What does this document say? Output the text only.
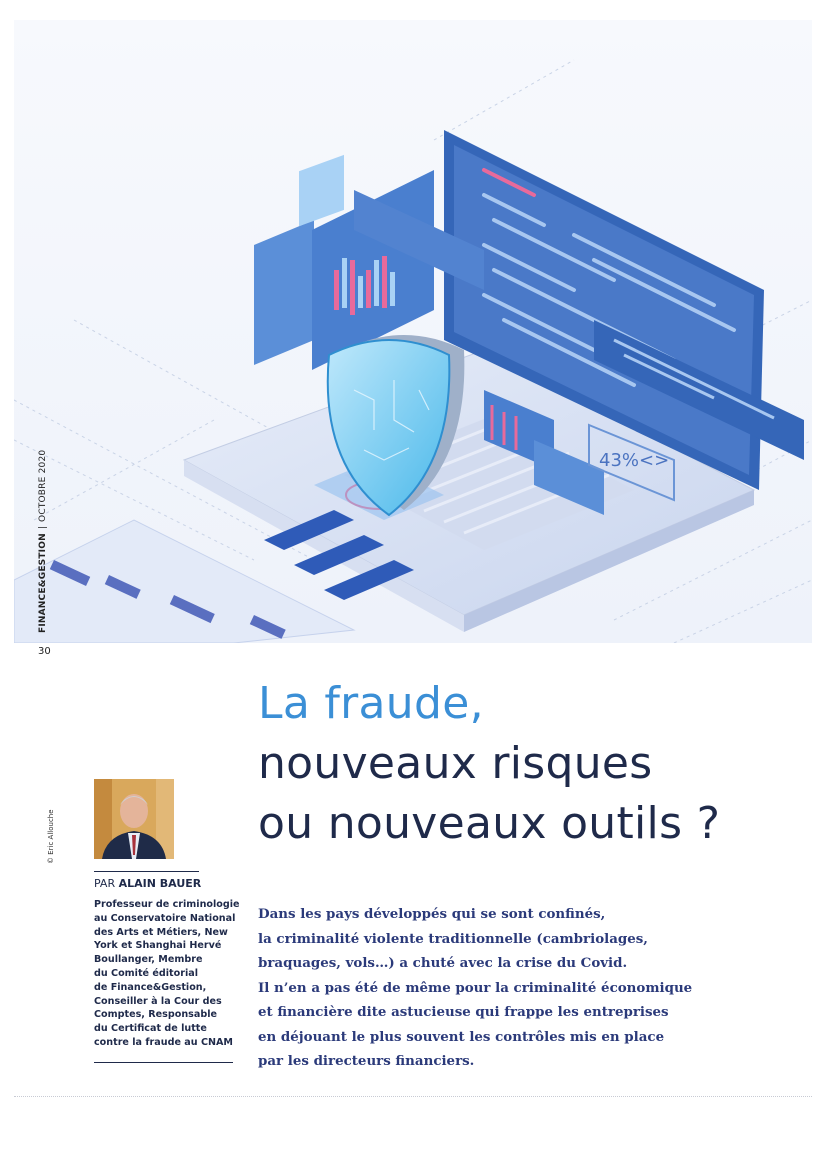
43%<>
FINANCE&GESTION|OCTOBRE 2020
30
© Eric Allouche
La fraude,
nouveaux risques
ou nouveaux outils ?
PAR ALAIN BAUER

Professeur de criminologie
au Conservatoire National
des Arts et Métiers, New
York et Shanghai Hervé
Boullanger, Membre
du Comité éditorial
de Finance&Gestion,
Conseiller à la Cour des
Comptes, Responsable
du Certificat de lutte
contre la fraude au CNAM

Dans les pays développés qui se sont confinés,
la criminalité violente traditionnelle (cambriolages,
braquages, vols…) a chuté avec la crise du Covid.
Il n’en a pas été de même pour la criminalité économique
et financière dite astucieuse qui frappe les entreprises
en déjouant le plus souvent les contrôles mis en place
par les directeurs financiers.
